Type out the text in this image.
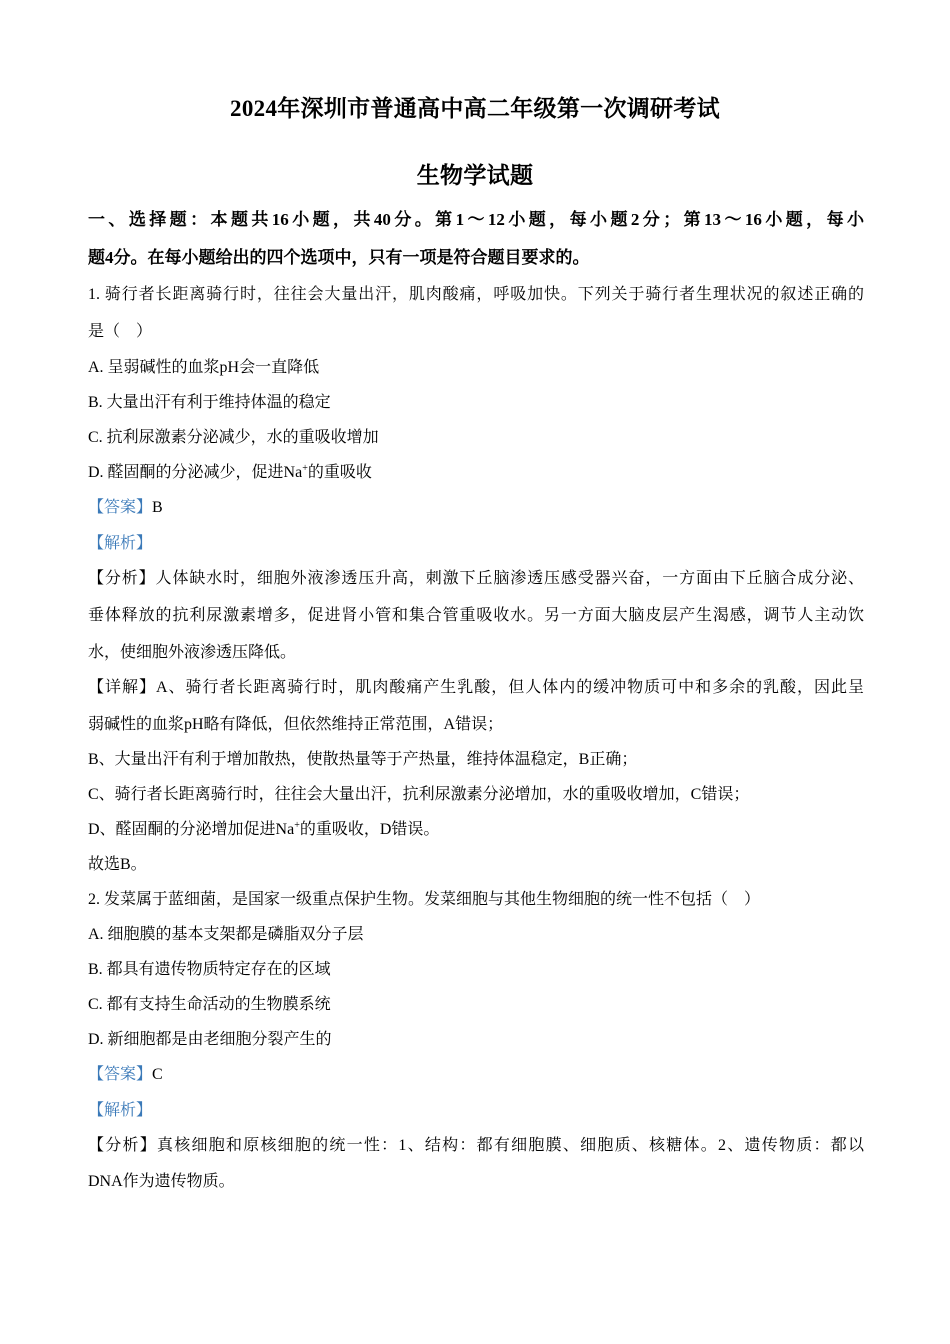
2024年深圳市普通高中高二年级第一次调研考试
生物学试题
一、选择题：本题共16小题，共40分。第1～12小题，每小题2分；第13～16小题，每小
题4分。在每小题给出的四个选项中，只有一项是符合题目要求的。
1. 骑行者长距离骑行时，往往会大量出汗，肌肉酸痛，呼吸加快。下列关于骑行者生理状况的叙述正确的
是（　）
A. 呈弱碱性的血浆pH会一直降低
B. 大量出汗有利于维持体温的稳定
C. 抗利尿激素分泌减少，水的重吸收增加
D. 醛固酮的分泌减少，促进Na+的重吸收
【答案】B
【解析】
【分析】人体缺水时，细胞外液渗透压升高，刺激下丘脑渗透压感受器兴奋，一方面由下丘脑合成分泌、
垂体释放的抗利尿激素增多，促进肾小管和集合管重吸收水。另一方面大脑皮层产生渴感，调节人主动饮
水，使细胞外液渗透压降低。
【详解】A、骑行者长距离骑行时，肌肉酸痛产生乳酸，但人体内的缓冲物质可中和多余的乳酸，因此呈
弱碱性的血浆pH略有降低，但依然维持正常范围，A错误；
B、大量出汗有利于增加散热，使散热量等于产热量，维持体温稳定，B正确；
C、骑行者长距离骑行时，往往会大量出汗，抗利尿激素分泌增加，水的重吸收增加，C错误；
D、醛固酮的分泌增加促进Na+的重吸收，D错误。
故选B。
2. 发菜属于蓝细菌，是国家一级重点保护生物。发菜细胞与其他生物细胞的统一性不包括（　）
A. 细胞膜的基本支架都是磷脂双分子层
B. 都具有遗传物质特定存在的区域
C. 都有支持生命活动的生物膜系统
D. 新细胞都是由老细胞分裂产生的
【答案】C
【解析】
【分析】真核细胞和原核细胞的统一性：1、结构：都有细胞膜、细胞质、核糖体。2、遗传物质：都以
DNA作为遗传物质。
